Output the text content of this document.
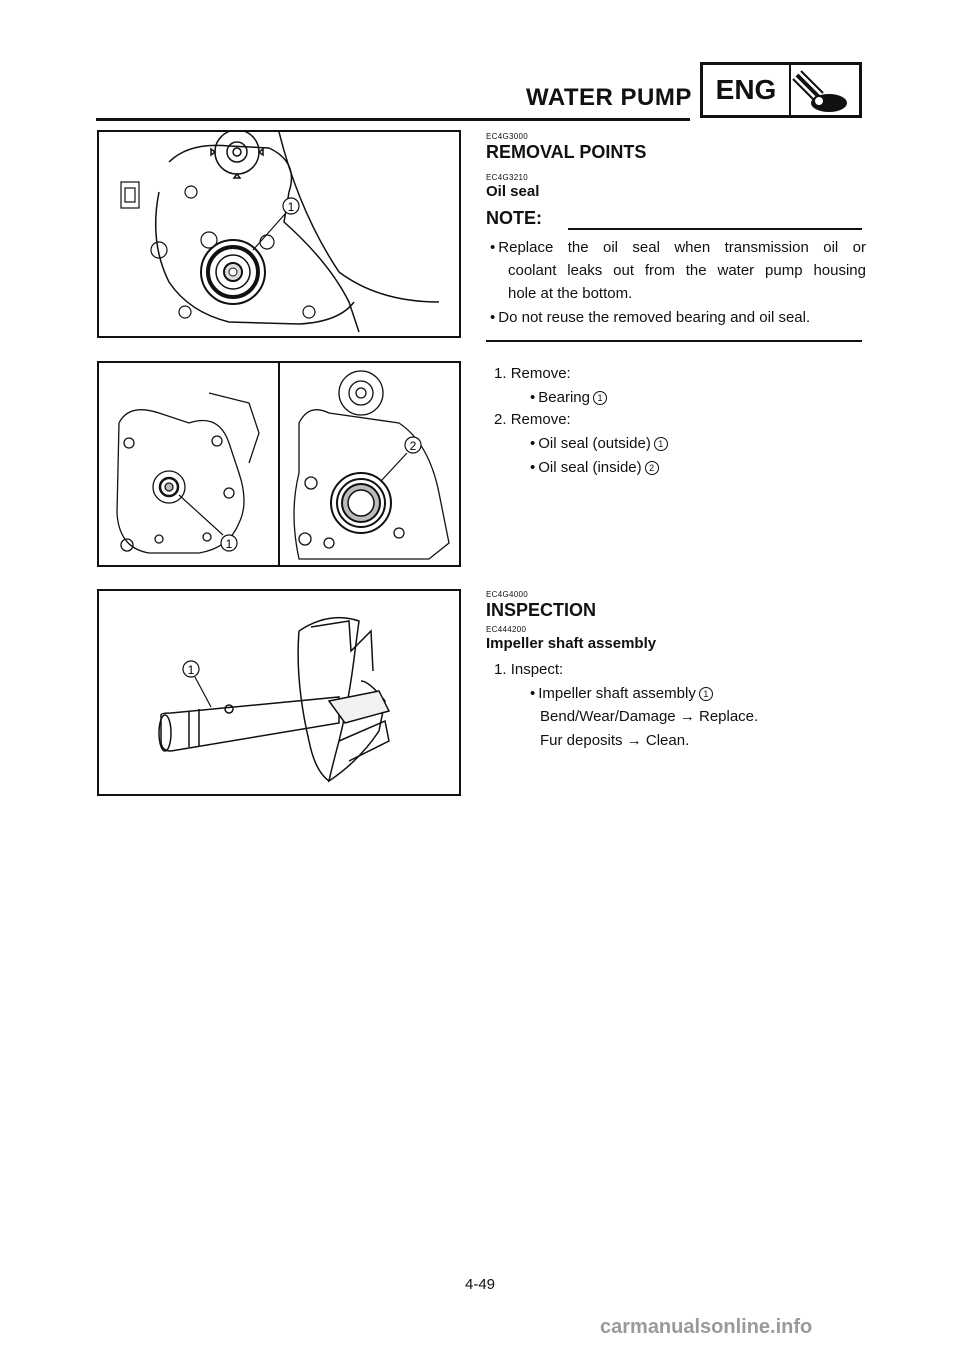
WATER PUMP ENG
1
1
2
1
EC4G3000
REMOVAL POINTS
EC4G3210
Oil seal
NOTE:
• Replace the oil seal when transmission oil or
coolant leaks out from the water pump housing
hole at the bottom.
• Do not reuse the removed bearing and oil seal.
1. Remove:
• Bearing 1
2. Remove:
• Oil seal (outside) 1
• Oil seal (inside) 2
EC4G4000
INSPECTION
EC444200
Impeller shaft assembly
1. Inspect:
• Impeller shaft assembly 1
Bend/Wear/Damage → Replace.
Fur deposits → Clean.
4-49
carmanualsonline.info
